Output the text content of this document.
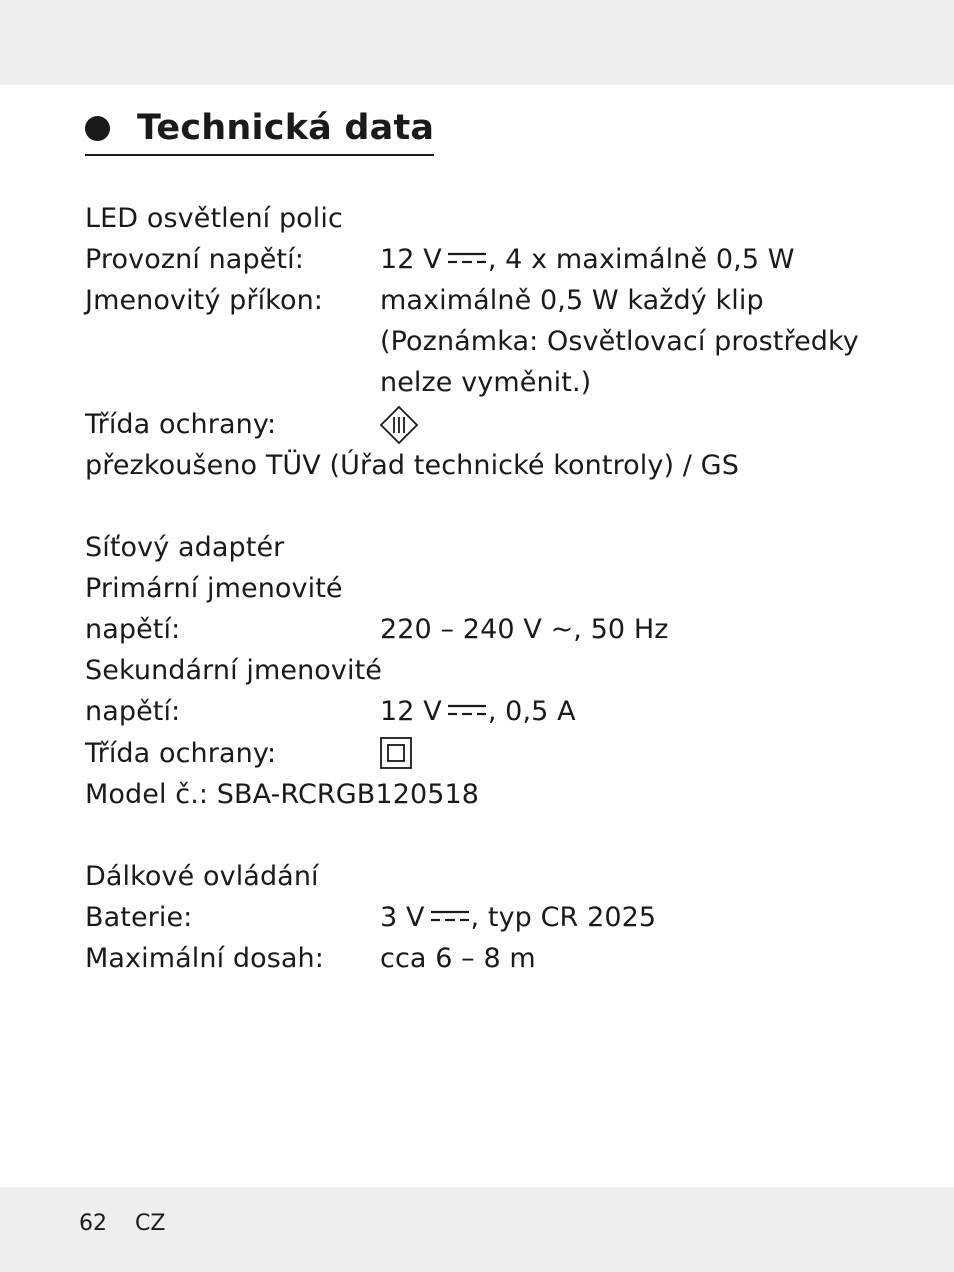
Technická data
LED osvětlení polic
Provozní napětí:	12 V , 4 x maximálně 0,5 W
Jmenovitý příkon: maximálně 0,5 W každý klip
(Poznámka: Osvětlovací prostředky
nelze vyměnit.)
Třída ochrany:
přezkoušeno TÜV (Úřad technické kontroly) / GS
Síťový adaptér
Primární jmenovité
napětí:	220 – 240 V ~, 50 Hz
Sekundární jmenovité
napětí:	12 V , 0,5 A
Třída ochrany:
Model č.: SBA-RCRGB120518
Dálkové ovládání
Baterie:	3 V , typ CR 2025
Maximální dosah: cca 6 – 8 m
62 CZ
